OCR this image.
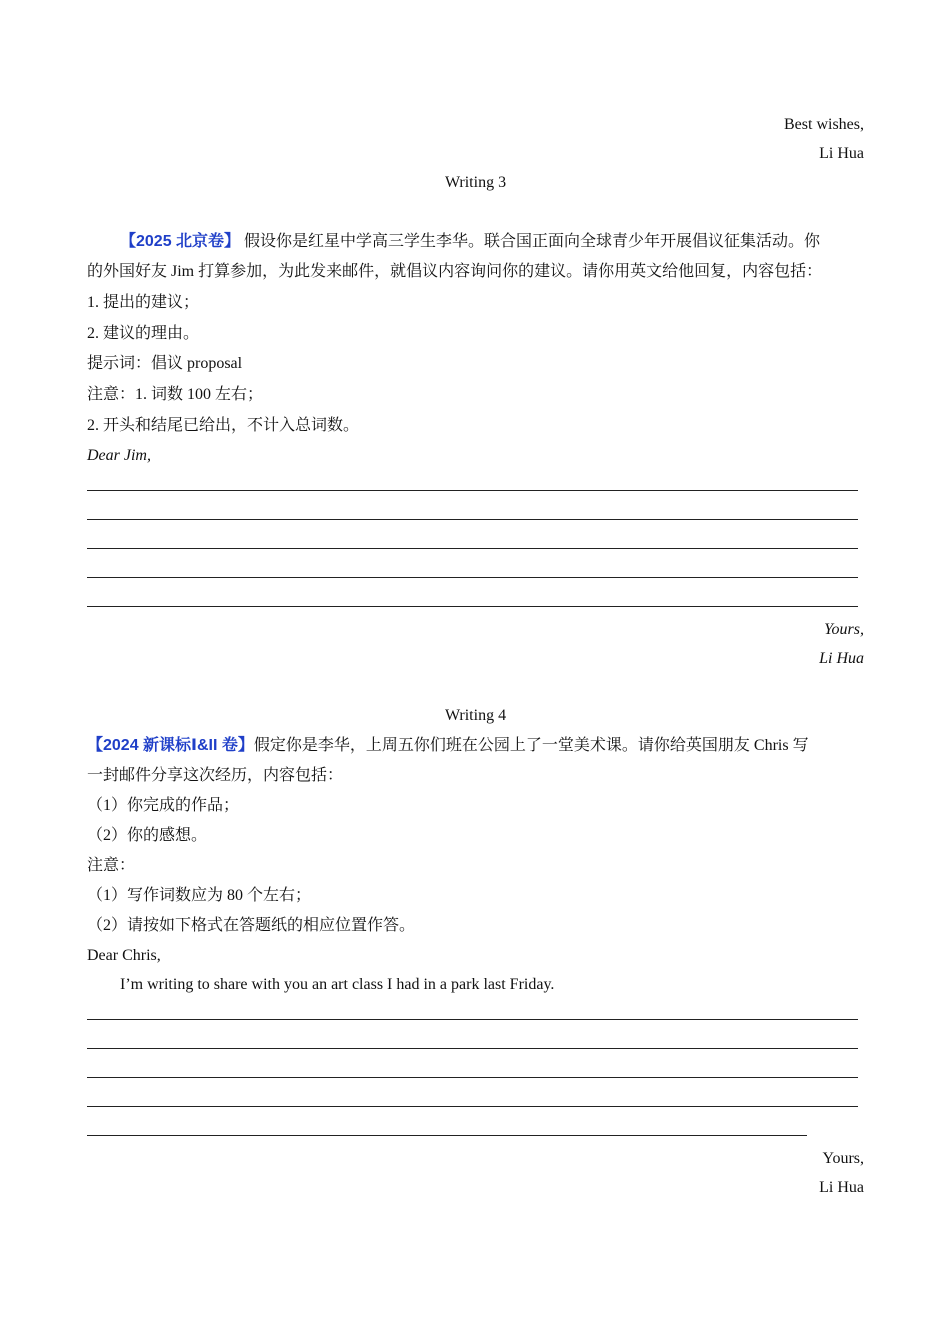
Best wishes,
Li Hua
Writing 3
【2025 北京卷】 假设你是红星中学高三学生李华。联合国正面向全球青少年开展倡议征集活动。你
的外国好友 Jim 打算参加，为此发来邮件，就倡议内容询问你的建议。请你用英文给他回复，内容包括：
1. 提出的建议；
2. 建议的理由。
提示词：倡议 proposal
注意：1. 词数 100 左右；
2. 开头和结尾已给出，不计入总词数。
Dear Jim,
Yours,
Li Hua
Writing 4
【2024 新课标Ⅰ&II 卷】假定你是李华，上周五你们班在公园上了一堂美术课。请你给英国朋友 Chris 写
一封邮件分享这次经历，内容包括：
（1）你完成的作品；
（2）你的感想。
注意：
（1）写作词数应为 80 个左右；
（2）请按如下格式在答题纸的相应位置作答。
Dear Chris,
I’m writing to share with you an art class I had in a park last Friday.
Yours,
Li Hua
